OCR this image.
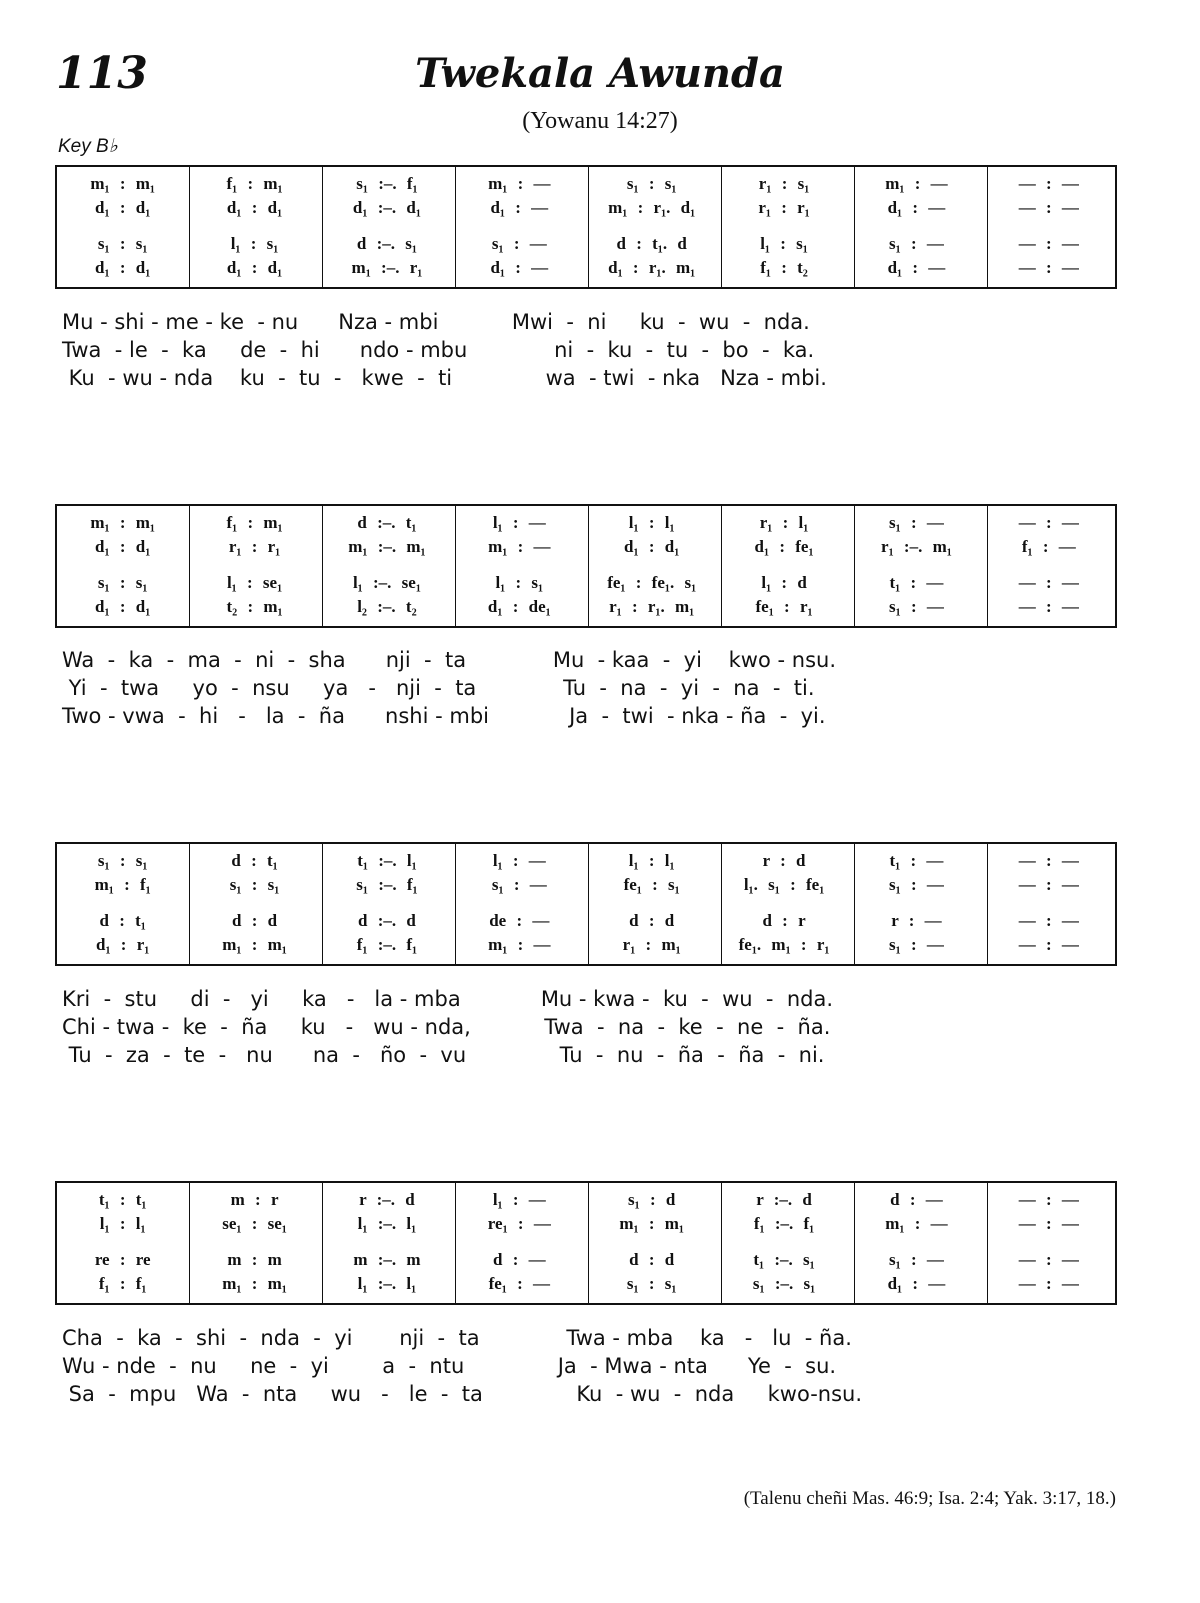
113	Twekala Awunda
(Yowanu 14:27)
Key B♭
(Talenu cheñi Mas. 46:9; Isa. 2:4; Yak. 3:17, 18.)
m₁ : m₁	f₁ : m₁	s₁ :–. f₁	m₁ : —	s₁ : s₁	r₁ : s₁	m₁ : —	— : —
d₁ : d₁	d₁ : d₁	d₁ :–. d₁	d₁ : —	m₁ : r₁. d₁	r₁ : r₁	d₁ : —	— : —
s₁ : s₁	l₁ : s₁	d :–. s₁	s₁ : —	d : t₁. d	l₁ : s₁	s₁ : —	— : —
d₁ : d₁	d₁ : d₁	m₁ :–. r₁	d₁ : —	d₁ : r₁. m₁	f₁ : t₂	d₁ : —	— : —
Mu - shi - me - ke  - nu      Nza - mbi           Mwi  -  ni     ku  -  wu  -  nda.
Twa  - le  -  ka     de  -  hi      ndo - mbu             ni  -  ku  -  tu  -  bo  -  ka.
Ku  - wu - nda    ku  -  tu  -   kwe  -  ti              wa  - twi  - nka   Nza - mbi.
m₁ : m₁	f₁ : m₁	d :–. t₁	l₁ : —	l₁ : l₁	r₁ : l₁	s₁ : —	— : —
d₁ : d₁	r₁ : r₁	m₁ :–. m₁	m₁ : —	d₁ : d₁	d₁ : fe₁	r₁ :–. m₁	f₁ : —
s₁ : s₁	l₁ : se₁	l₁ :–. se₁	l₁ : s₁	fe₁ : fe₁. s₁	l₁ : d	t₁ : —	— : —
d₁ : d₁	t₂ : m₁	l₂ :–. t₂	d₁ : de₁	r₁ : r₁. m₁	fe₁ : r₁	s₁ : —	— : —
Wa  -  ka  -  ma  -  ni  -  sha      nji  -  ta             Mu  - kaa  -  yi    kwo - nsu.
Yi  -  twa     yo  -  nsu     ya   -   nji  -  ta             Tu  -  na  -  yi  -  na  -  ti.
Two - vwa  -  hi   -   la  -  ña      nshi - mbi            Ja  -  twi  - nka - ña  -  yi.
s₁ : s₁	d : t₁	t₁ :–. l₁	l₁ : —	l₁ : l₁	r : d	t₁ : —	— : —
m₁ : f₁	s₁ : s₁	s₁ :–. f₁	s₁ : —	fe₁ : s₁	l₁. s₁ : fe₁	s₁ : —	— : —
d : t₁	d : d	d :–. d	de : —	d : d	d : r	r : —	— : —
d₁ : r₁	m₁ : m₁	f₁ :–. f₁	m₁ : —	r₁ : m₁	fe₁. m₁ : r₁	s₁ : —	— : —
Kri  -  stu     di  -   yi     ka   -   la - mba            Mu - kwa -  ku  -  wu  -  nda.
Chi - twa -  ke  -  ña     ku   -   wu - nda,           Twa  -  na  -  ke  -  ne  -  ña.
Tu  -  za  -  te  -   nu      na  -   ño  -  vu              Tu  -  nu  -  ña  -  ña  -  ni.
t₁ : t₁	m : r	r :–. d	l₁ : —	s₁ : d	r :–. d	d : —	— : —
l₁ : l₁	se₁ : se₁	l₁ :–. l₁	re₁ : —	m₁ : m₁	f₁ :–. f₁	m₁ : —	— : —
re : re	m : m	m :–. m	d : —	d : d	t₁ :–. s₁	s₁ : —	— : —
f₁ : f₁	m₁ : m₁	l₁ :–. l₁	fe₁ : —	s₁ : s₁	s₁ :–. s₁	d₁ : —	— : —
Cha  -  ka  -  shi  -  nda  -  yi       nji  -  ta             Twa - mba    ka   -   lu  - ña.
Wu - nde  -  nu     ne  -  yi        a  -  ntu              Ja  - Mwa - nta      Ye  -  su.
Sa  -  mpu   Wa  -  nta     wu   -   le  -  ta              Ku  - wu  -  nda     kwo-nsu.
